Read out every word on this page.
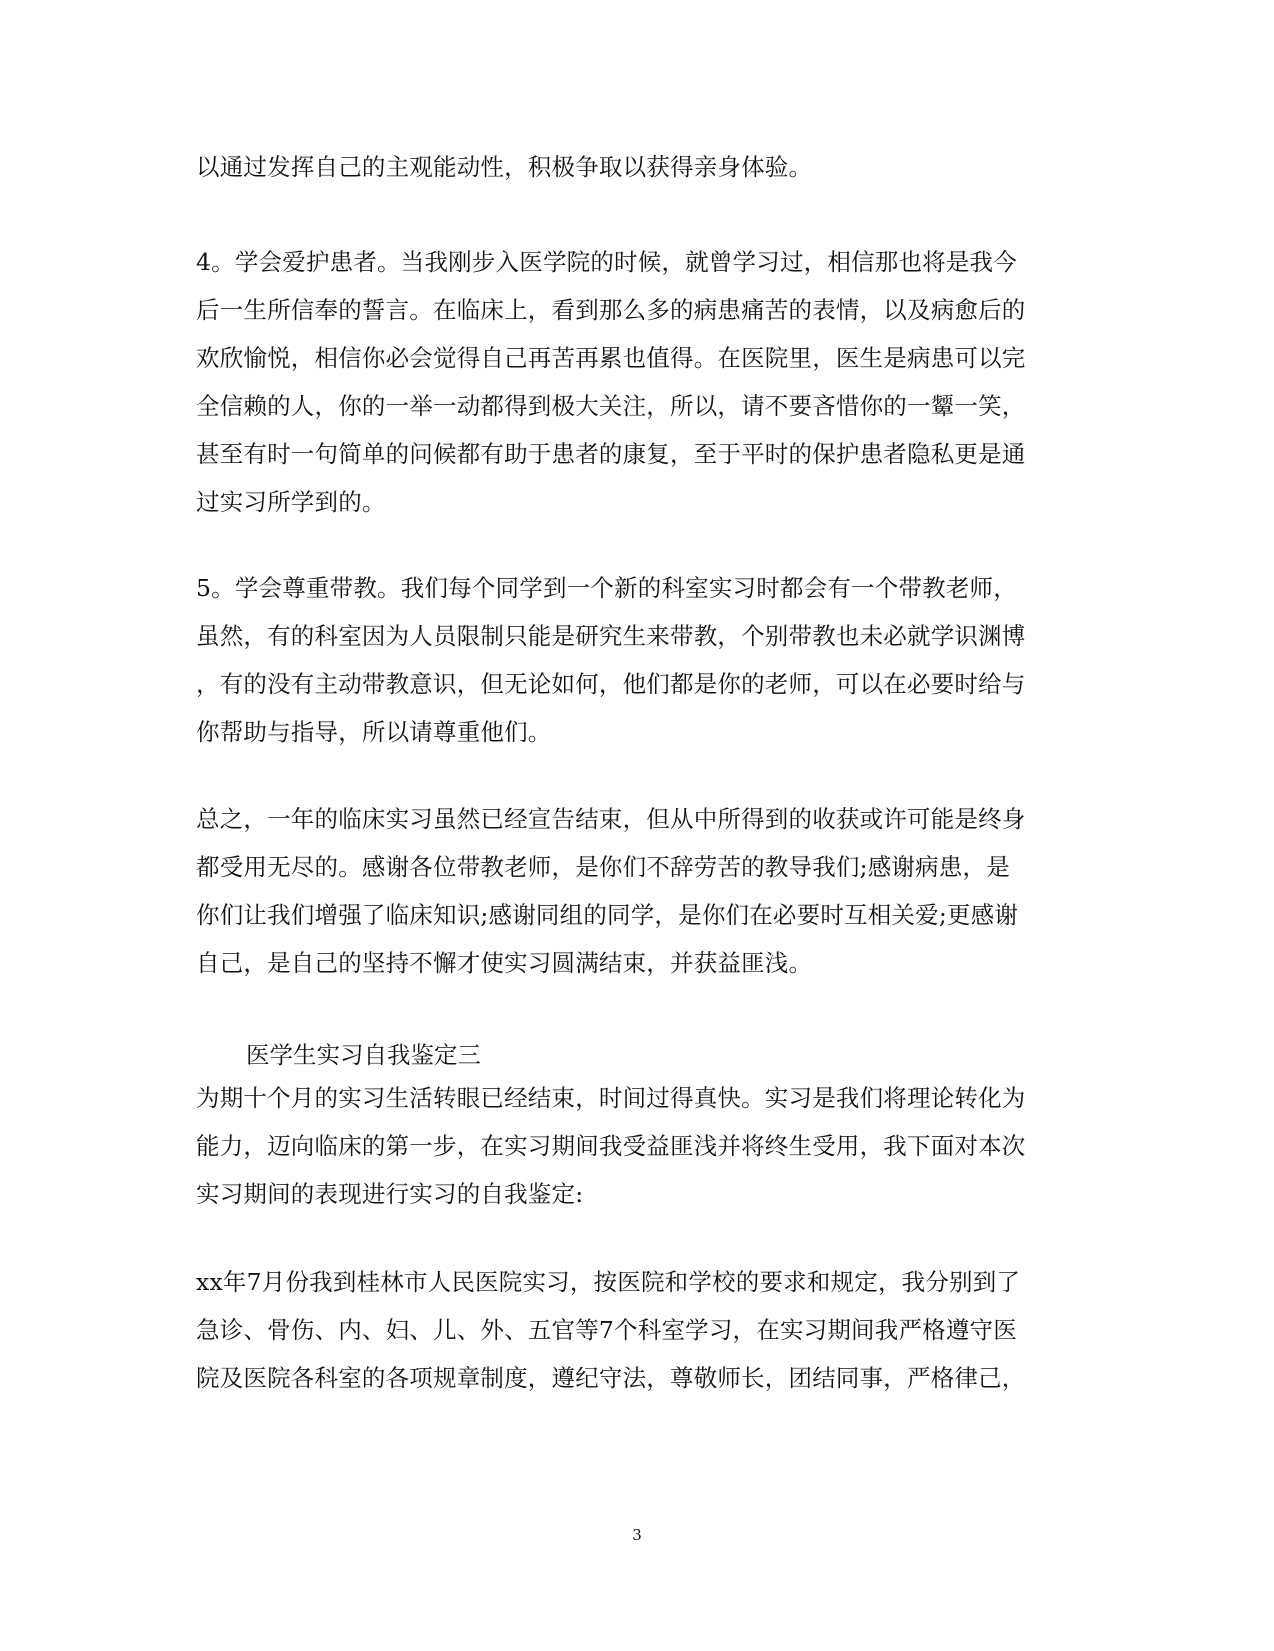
以通过发挥自己的主观能动性，积极争取以获得亲身体验。

4。学会爱护患者。当我刚步入医学院的时候，就曾学习过，相信那也将是我今
后一生所信奉的誓言。在临床上，看到那么多的病患痛苦的表情，以及病愈后的
欢欣愉悦，相信你必会觉得自己再苦再累也值得。在医院里，医生是病患可以完
全信赖的人，你的一举一动都得到极大关注，所以，请不要吝惜你的一颦一笑，
甚至有时一句简单的问候都有助于患者的康复，至于平时的保护患者隐私更是通
过实习所学到的。

5。学会尊重带教。我们每个同学到一个新的科室实习时都会有一个带教老师，
虽然，有的科室因为人员限制只能是研究生来带教，个别带教也未必就学识渊博
，有的没有主动带教意识，但无论如何，他们都是你的老师，可以在必要时给与
你帮助与指导，所以请尊重他们。

总之，一年的临床实习虽然已经宣告结束，但从中所得到的收获或许可能是终身
都受用无尽的。感谢各位带教老师，是你们不辞劳苦的教导我们;感谢病患，是
你们让我们增强了临床知识;感谢同组的同学，是你们在必要时互相关爱;更感谢
自己，是自己的坚持不懈才使实习圆满结束，并获益匪浅。

医学生实习自我鉴定三

为期十个月的实习生活转眼已经结束，时间过得真快。实习是我们将理论转化为
能力，迈向临床的第一步，在实习期间我受益匪浅并将终生受用，我下面对本次
实习期间的表现进行实习的自我鉴定:

xx年7月份我到桂林市人民医院实习，按医院和学校的要求和规定，我分别到了
急诊、骨伤、内、妇、儿、外、五官等7个科室学习，在实习期间我严格遵守医
院及医院各科室的各项规章制度，遵纪守法，尊敬师长，团结同事，严格律己，

3
